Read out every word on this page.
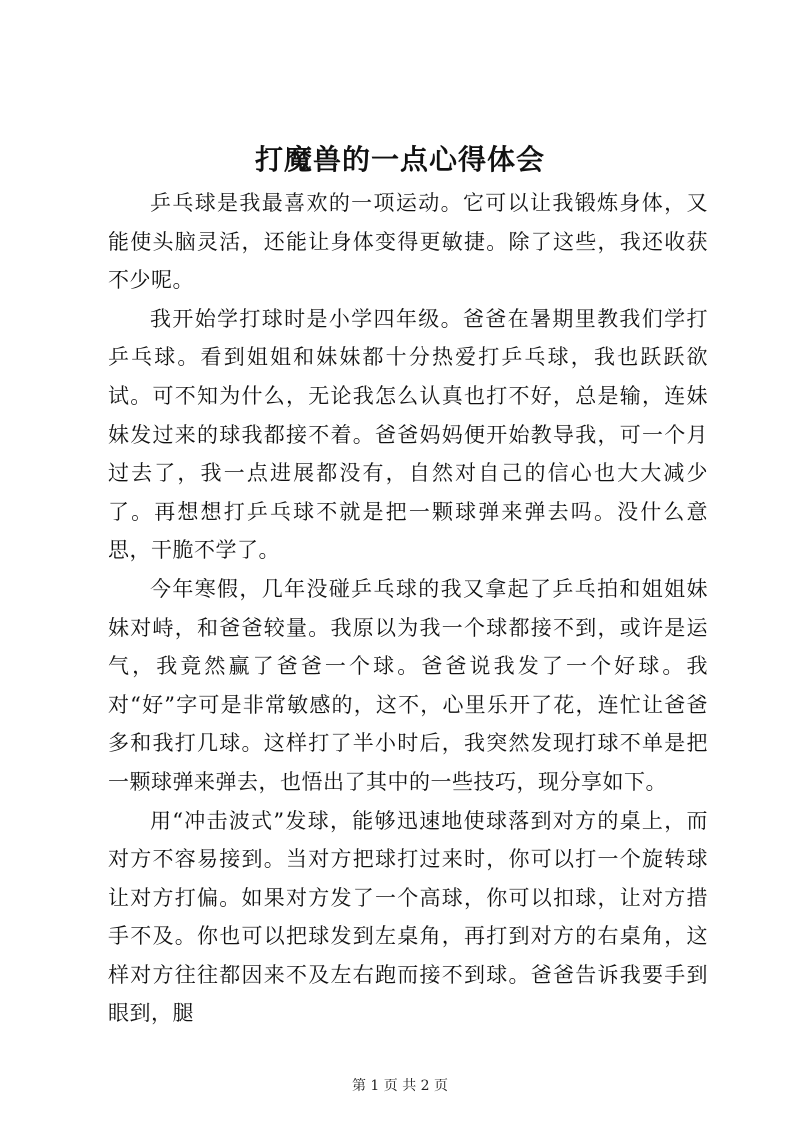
打魔兽的一点心得体会

乒乓球是我最喜欢的一项运动。它可以让我锻炼身体，又能使头脑灵活，还能让身体变得更敏捷。除了这些，我还收获不少呢。

我开始学打球时是小学四年级。爸爸在暑期里教我们学打乒乓球。看到姐姐和妹妹都十分热爱打乒乓球，我也跃跃欲试。可不知为什么，无论我怎么认真也打不好，总是输，连妹妹发过来的球我都接不着。爸爸妈妈便开始教导我，可一个月过去了，我一点进展都没有，自然对自己的信心也大大减少了。再想想打乒乓球不就是把一颗球弹来弹去吗。没什么意思，干脆不学了。

今年寒假，几年没碰乒乓球的我又拿起了乒乓拍和姐姐妹妹对峙，和爸爸较量。我原以为我一个球都接不到，或许是运气，我竟然赢了爸爸一个球。爸爸说我发了一个好球。我对“好”字可是非常敏感的，这不，心里乐开了花，连忙让爸爸多和我打几球。这样打了半小时后，我突然发现打球不单是把一颗球弹来弹去，也悟出了其中的一些技巧，现分享如下。

用“冲击波式”发球，能够迅速地使球落到对方的桌上，而对方不容易接到。当对方把球打过来时，你可以打一个旋转球让对方打偏。如果对方发了一个高球，你可以扣球，让对方措手不及。你也可以把球发到左桌角，再打到对方的右桌角，这样对方往往都因来不及左右跑而接不到球。爸爸告诉我要手到眼到，腿

第 1 页 共 2 页
